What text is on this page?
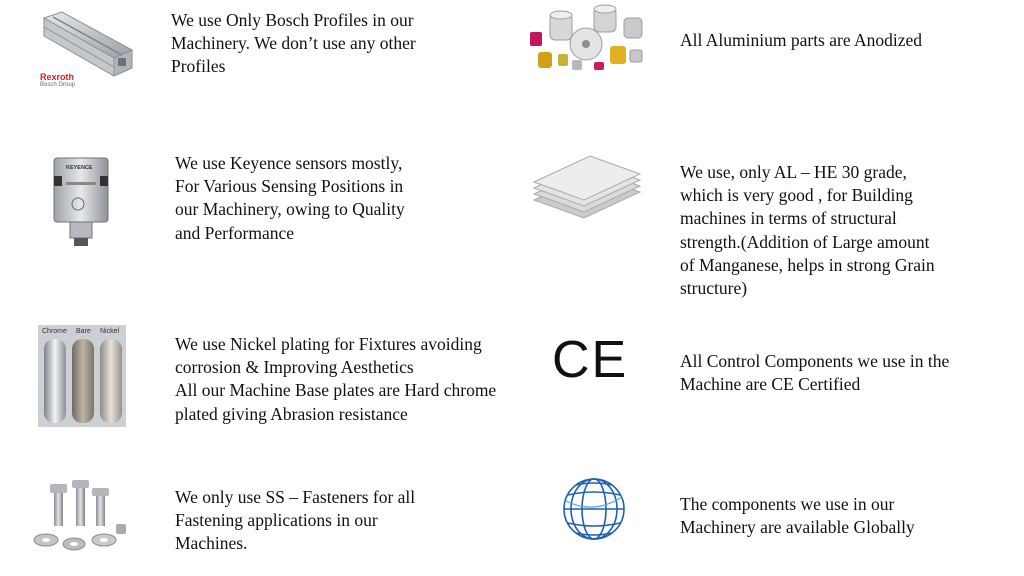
Rexroth
Bosch Group
We use Only Bosch Profiles in our
Machinery. We don’t use any other
Profiles
All Aluminium parts are Anodized
KEYENCE	We use Keyence sensors mostly,
For Various Sensing Positions in
our Machinery, owing to Quality
and Performance
We use, only AL – HE 30 grade,
which is very good , for Building
machines in terms of structural
strength.(Addition of Large amount
of Manganese, helps in strong Grain
structure)
Chrome Bare Nickel
We use Nickel plating for Fixtures avoiding
corrosion & Improving Aesthetics
All our Machine Base plates are Hard chrome
plated giving Abrasion resistance
CE	All Control Components we use in the
Machine are CE Certified
We only use SS – Fasteners for all
Fastening applications in our
Machines.
The components we use in our
Machinery are available Globally
